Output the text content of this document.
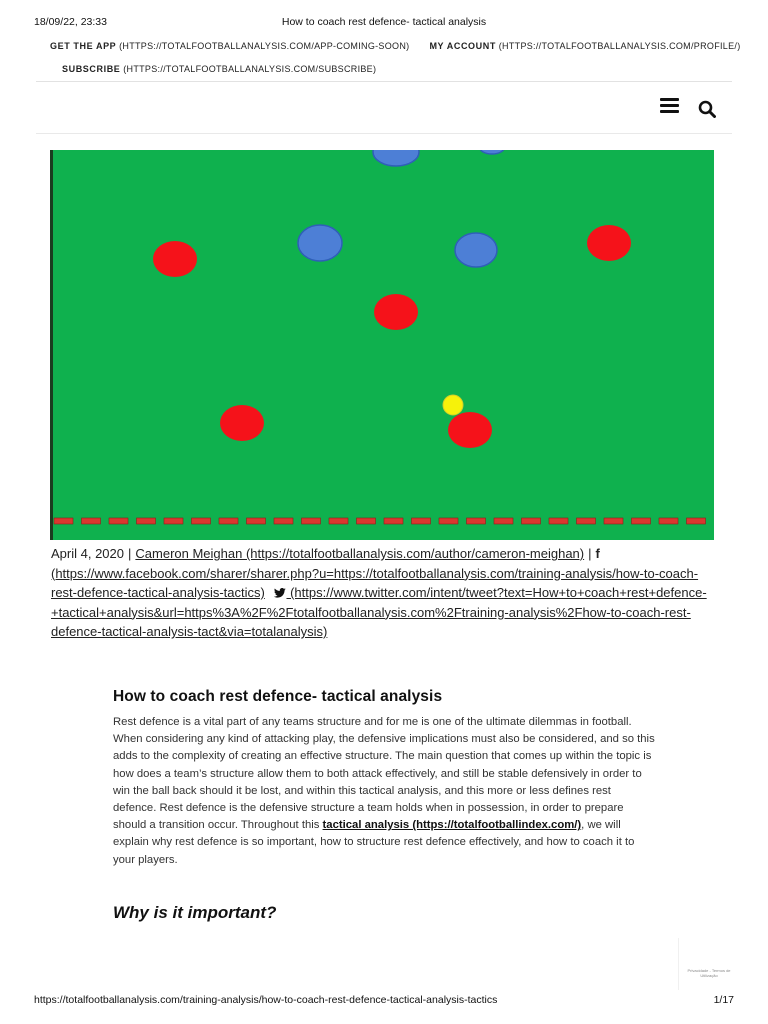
18/09/22, 23:33	How to coach rest defence- tactical analysis
GET THE APP (HTTPS://TOTALFOOTBALLANALYSIS.COM/APP-COMING-SOON) MY ACCOUNT (HTTPS://TOTALFOOTBALLANALYSIS.COM/PROFILE/)
SUBSCRIBE (HTTPS://TOTALFOOTBALLANALYSIS.COM/SUBSCRIBE)
April 4, 2020 | Cameron Meighan (https://totalfootballanalysis.com/author/cameron-meighan) | f (https://www.facebook.com/sharer/sharer.php?u=https://totalfootballanalysis.com/training-analysis/how-to-coach-rest-defence-tactical-analysis-tactics)  (https://www.twitter.com/intent/tweet?text=How+to+coach+rest+defence-+tactical+analysis&url=https%3A%2F%2Ftotalfootballanalysis.com%2Ftraining-analysis%2Fhow-to-coach-rest-defence-tactical-analysis-tact&via=totalanalysis)
How to coach rest defence- tactical analysis

Rest defence is a vital part of any teams structure and for me is one of the ultimate dilemmas in football. When considering any kind of attacking play, the defensive implications must also be considered, and so this adds to the complexity of creating an effective structure. The main question that comes up within the topic is how does a team’s structure allow them to both attack effectively, and still be stable defensively in order to win the ball back should it be lost, and within this tactical analysis, and this more or less defines rest defence. Rest defence is the defensive structure a team holds when in possession, in order to prepare should a transition occur. Throughout this tactical analysis (https://totalfootballindex.com/), we will explain why rest defence is so important, how to structure rest defence effectively, and how to coach it to your players.

Why is it important?
Privacidade - Termos de Utilização
https://totalfootballanalysis.com/training-analysis/how-to-coach-rest-defence-tactical-analysis-tactics	1/17
